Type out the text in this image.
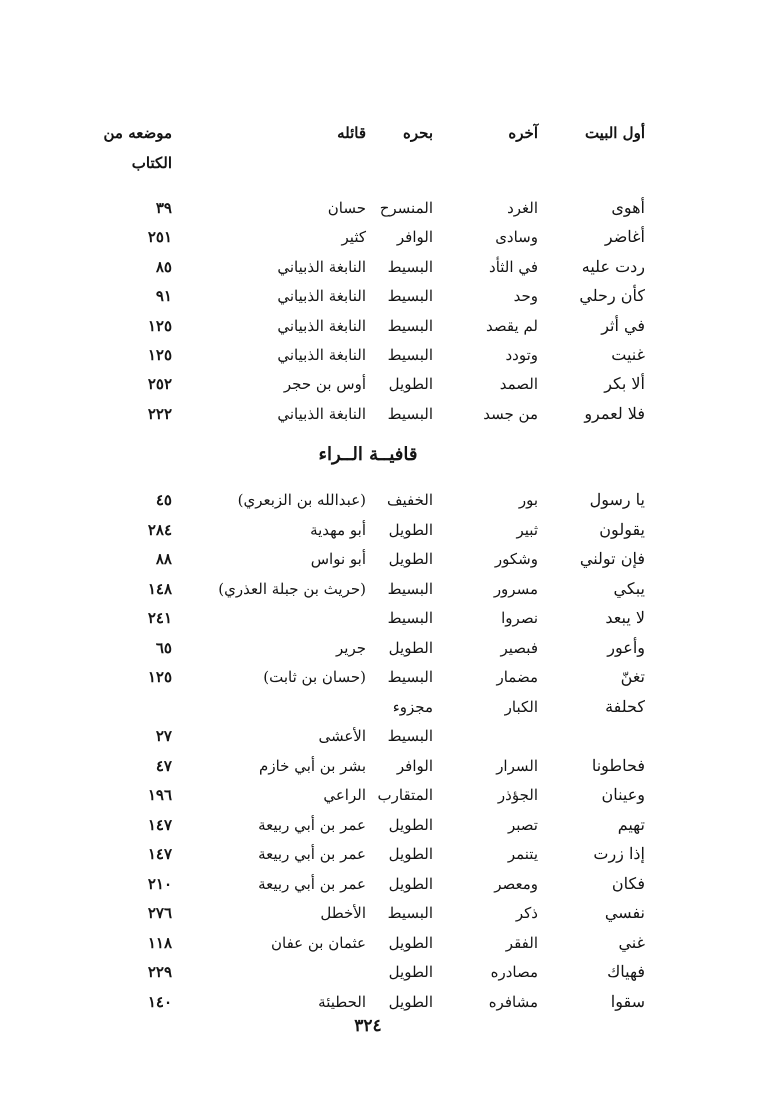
أول البيت
آخره
بحره
قائله
موضعه من
الكتاب
أهوى
الغرد
المنسرح
حسان
٣٩
أغاضر
وسادى
الوافر
كثير
٢٥١
ردت عليه
في الثأد
البسيط
النابغة الذبياني
٨٥
كأن رحلي
وحد
البسيط
النابغة الذبياني
٩١
في أثر
لم يقصد
البسيط
النابغة الذبياني
١٢٥
غنيت
وتودد
البسيط
النابغة الذبياني
١٢٥
ألا بكر
الصمد
الطويل
أوس بن حجر
٢٥٢
فلا لعمرو
من جسد
البسيط
النابغة الذبياني
٢٢٢
قافيــة الــراء
يا رسول
بور
الخفيف
(عبدالله بن الزبعري)
٤٥
يقولون
ثبير
الطويل
أبو مهدية
٢٨٤
فإن تولني
وشكور
الطويل
أبو نواس
٨٨
يبكي
مسرور
البسيط
(حريث بن جبلة العذري)
١٤٨
لا يبعد
نصروا
البسيط
٢٤١
وأعور
فبصير
الطويل
جرير
٦٥
تغنّ
مضمار
البسيط
(حسان بن ثابت)
١٢٥
كحلفة
الكبار
مجزوء
البسيط
الأعشى
٢٧
فحاطونا
السرار
الوافر
بشر بن أبي خازم
٤٧
وعينان
الجؤذر
المتقارب
الراعي
١٩٦
تهيم
تصبر
الطويل
عمر بن أبي ربيعة
١٤٧
إذا زرت
يتنمر
الطويل
عمر بن أبي ربيعة
١٤٧
فكان
ومعصر
الطويل
عمر بن أبي ربيعة
٢١٠
نفسي
ذكر
البسيط
الأخطل
٢٧٦
غني
الفقر
الطويل
عثمان بن عفان
١١٨
فهياك
مصادره
الطويل
٢٢٩
سقوا
مشافره
الطويل
الحطيئة
١٤٠
٣٢٤
